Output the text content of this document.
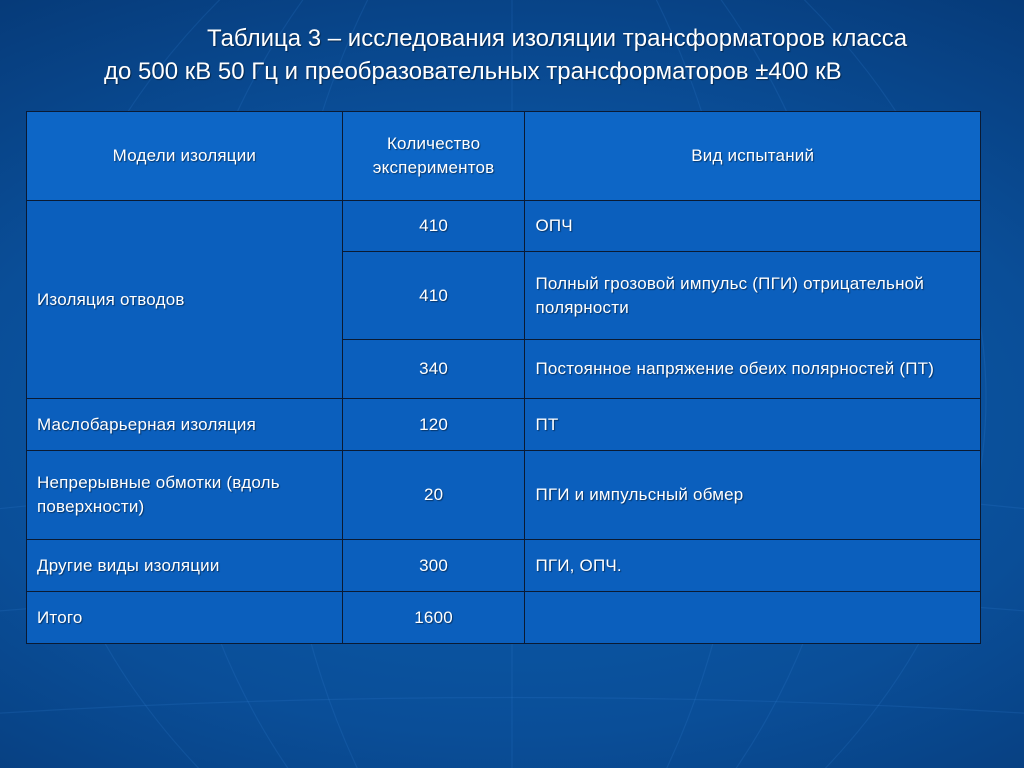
Таблица 3 – исследования изоляции трансформаторов класса
до 500 кВ 50 Гц и преобразовательных трансформаторов ±400 кВ
Модели изоляции	Количество экспериментов	Вид испытаний
Изоляция отводов	410	ОПЧ
	410	Полный грозовой импульс (ПГИ) отрицательной полярности
	340	Постоянное напряжение обеих полярностей (ПТ)
Маслобарьерная изоляция	120	ПТ
Непрерывные обмотки (вдоль поверхности)	20	ПГИ и импульсный обмер
Другие виды изоляции	300	ПГИ, ОПЧ.
Итого	1600	
